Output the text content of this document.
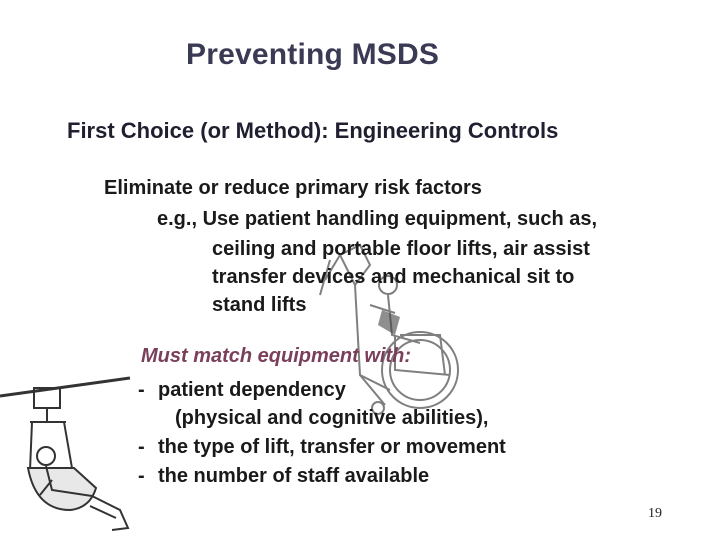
Preventing MSDS
First Choice (or Method): Engineering Controls
Eliminate or reduce primary risk factors
e.g., Use patient handling equipment, such as,
ceiling and portable floor lifts, air assist
transfer devices and mechanical sit to
stand lifts
Must match equipment with:
- patient dependency
(physical and cognitive abilities),
- the type of lift, transfer or movement
- the number of staff available
19
